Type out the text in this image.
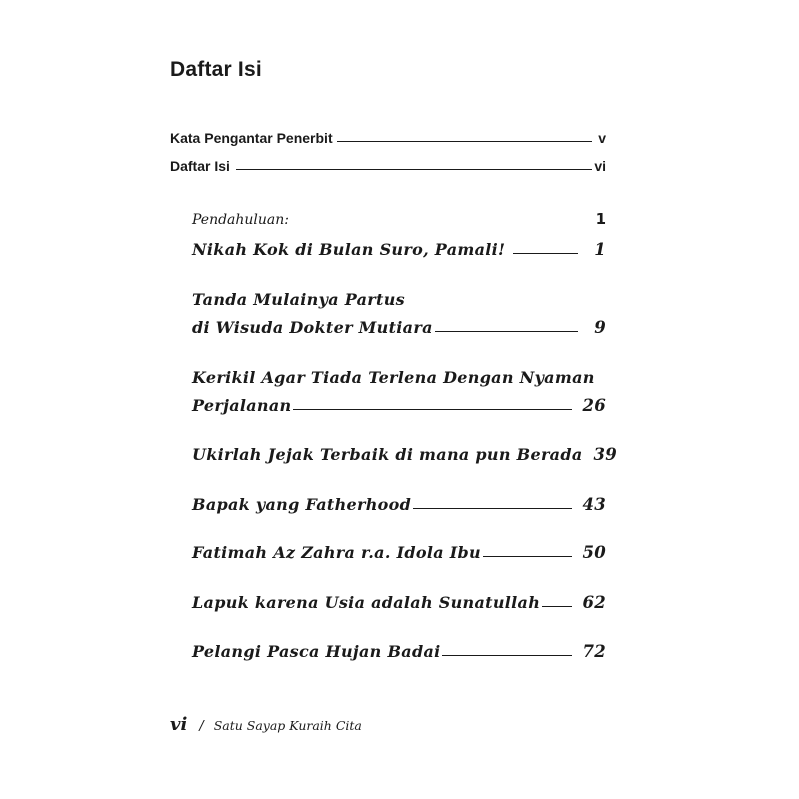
Daftar Isi
Kata Pengantar Penerbit	v
Daftar Isi	vi
Pendahuluan:	1
Nikah Kok di Bulan Suro, Pamali!	1
Tanda Mulainya Partus
di Wisuda Dokter Mutiara	9
Kerikil Agar Tiada Terlena Dengan Nyaman
Perjalanan	26
Ukirlah Jejak Terbaik di mana pun Berada 39
Bapak yang Fatherhood	43
Fatimah Az Zahra r.a. Idola Ibu	50
Lapuk karena Usia adalah Sunatullah	62
Pelangi Pasca Hujan Badai	72
vi / Satu Sayap Kuraih Cita
